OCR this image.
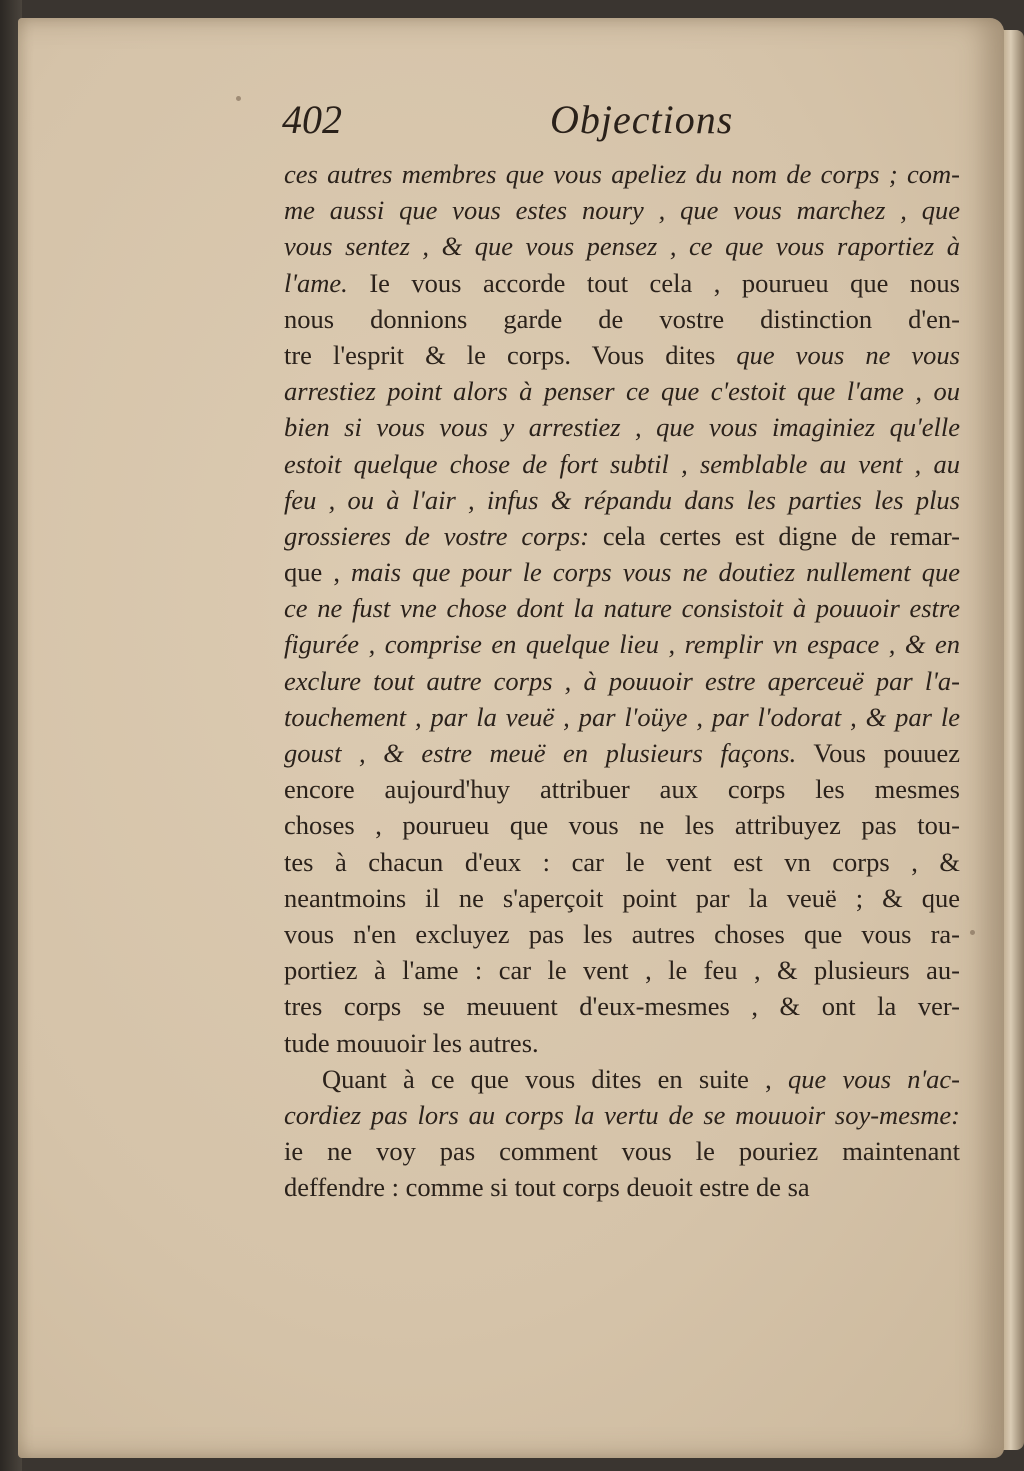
402	Objections
ces autres membres que vous apeliez du nom de corps ; com-
me aussi que vous estes noury , que vous marchez , que
vous sentez , & que vous pensez , ce que vous raportiez à
l'ame. Ie vous accorde tout cela , pourueu que nous
nous donnions garde de vostre distinction d'en-
tre l'esprit & le corps. Vous dites que vous ne vous
arrestiez point alors à penser ce que c'estoit que l'ame , ou
bien si vous vous y arrestiez , que vous imaginiez qu'elle
estoit quelque chose de fort subtil , semblable au vent , au
feu , ou à l'air , infus & répandu dans les parties les plus
grossieres de vostre corps: cela certes est digne de remar-
que , mais que pour le corps vous ne doutiez nullement que
ce ne fust vne chose dont la nature consistoit à pouuoir estre
figurée , comprise en quelque lieu , remplir vn espace , & en
exclure tout autre corps , à pouuoir estre aperceuë par l'a-
touchement , par la veuë , par l'oüye , par l'odorat , & par le
goust , & estre meuë en plusieurs façons. Vous pouuez
encore aujourd'huy attribuer aux corps les mesmes
choses , pourueu que vous ne les attribuyez pas tou-
tes à chacun d'eux : car le vent est vn corps , &
neantmoins il ne s'aperçoit point par la veuë ; & que
vous n'en excluyez pas les autres choses que vous ra-
portiez à l'ame : car le vent , le feu , & plusieurs au-
tres corps se meuuent d'eux-mesmes , & ont la ver-
tude mouuoir les autres.
Quant à ce que vous dites en suite , que vous n'ac-
cordiez pas lors au corps la vertu de se mouuoir soy-mesme:
ie ne voy pas comment vous le pouriez maintenant
deffendre : comme si tout corps deuoit estre de sa
